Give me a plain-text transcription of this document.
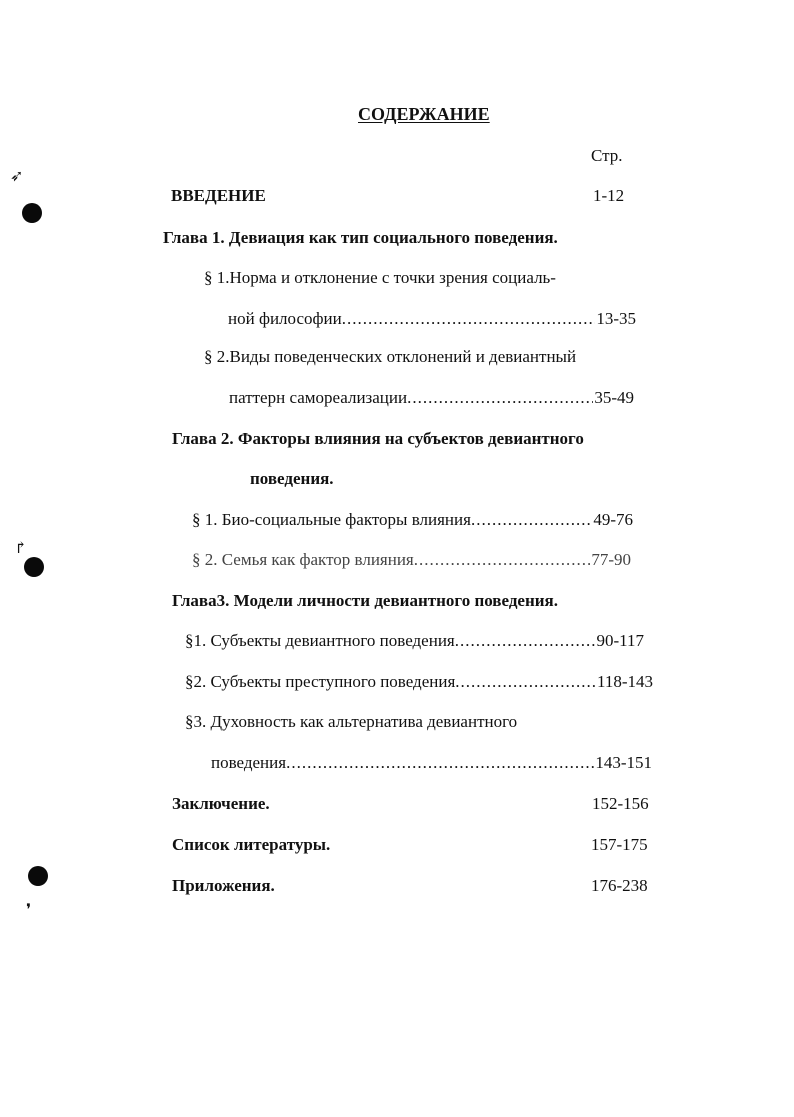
➶
↱
❜
СОДЕРЖАНИЕ
Стр.
ВВЕДЕНИЕ	1-12
Глава 1. Девиация как тип социального поведения.
§ 1.Норма и отклонение с точки зрения социаль-
ной философии .....	13-35
§ 2.Виды поведенческих отклонений и девиантный
паттерн самореализации .....	35-49
Глава 2. Факторы влияния на субъектов девиантного
поведения.
§ 1. Био-социальные факторы влияния .....	49-76
§ 2. Семья как фактор влияния .....	77-90
Глава3. Модели личности девиантного поведения.
§1. Субъекты девиантного поведения .....	90-117
§2. Субъекты преступного поведения .....	118-143
§3. Духовность как альтернатива девиантного
поведения .....	143-151
Заключение.	152-156
Список литературы.	157-175
Приложения.	176-238
